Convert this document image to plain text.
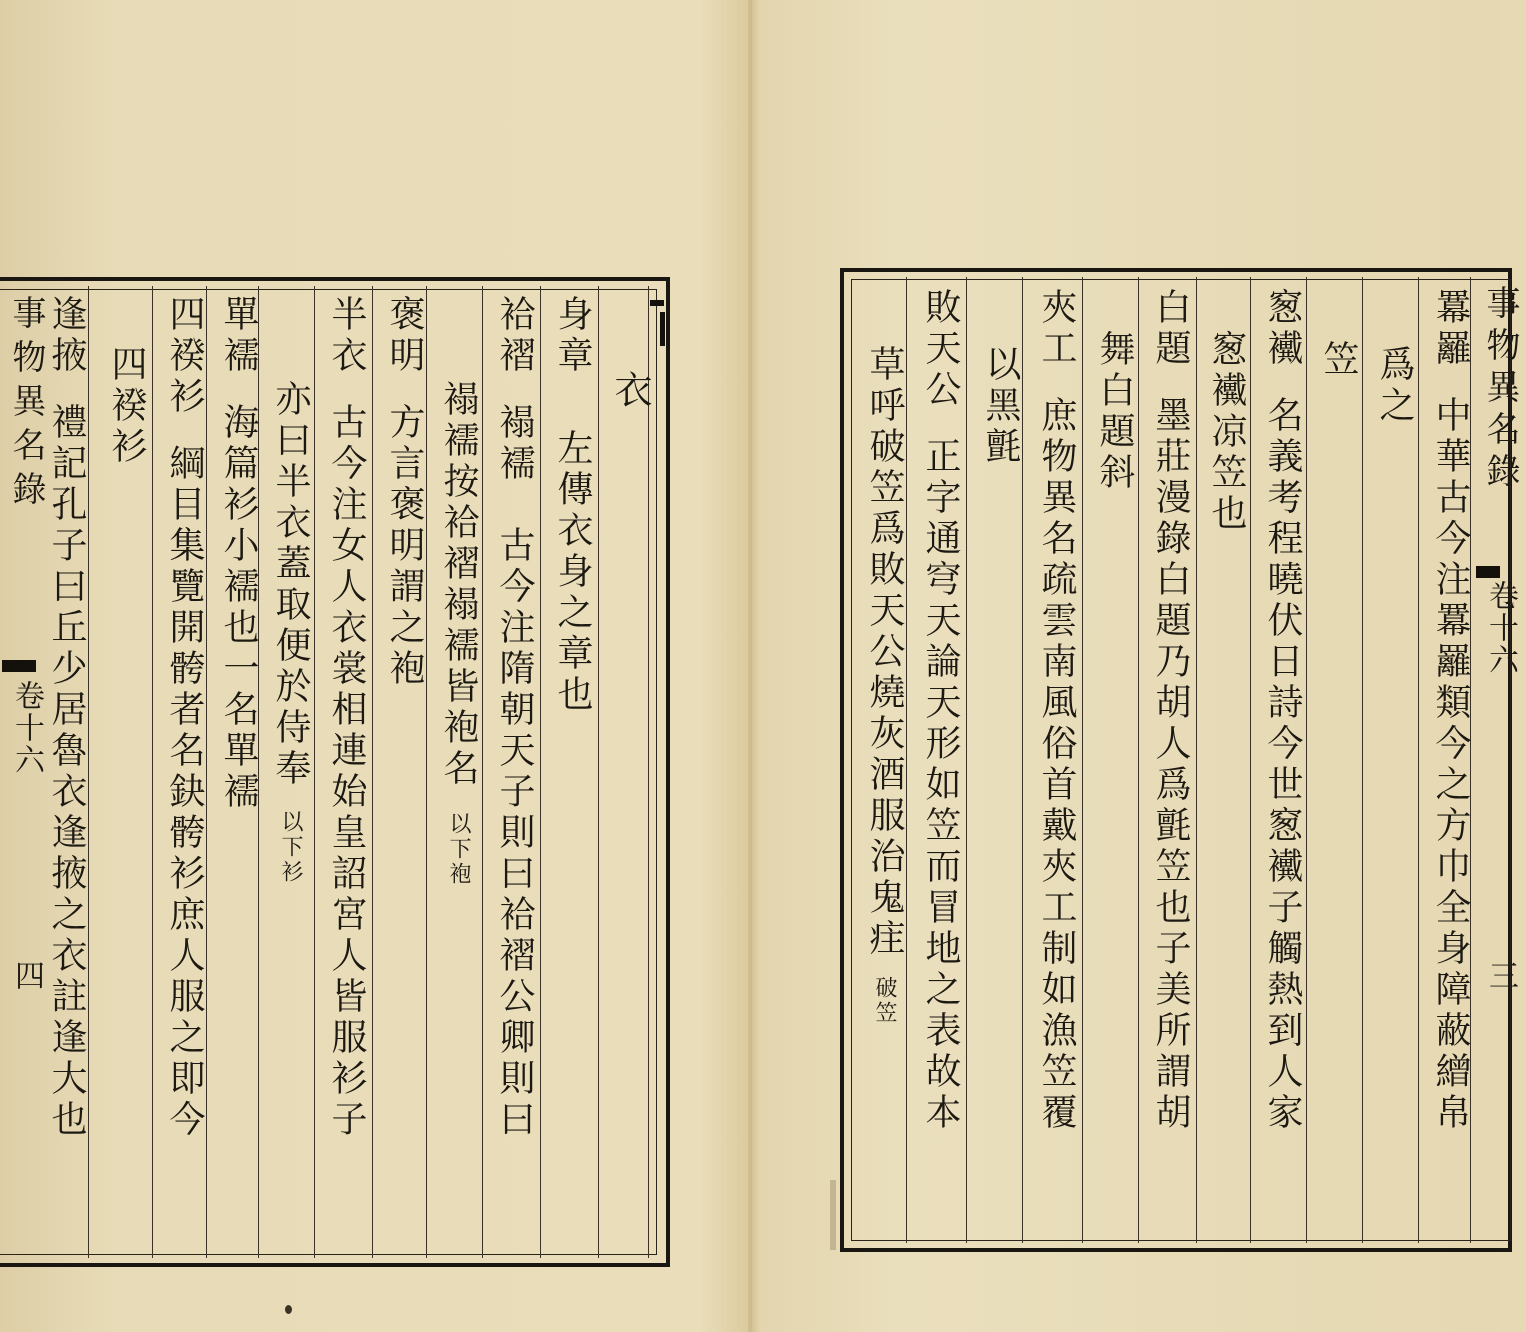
事物異名錄
卷十六
四
衣
身章左傳衣身之章也
袷褶褟襦　古今注隋朝天子則曰袷褶公卿則曰
褟襦按袷褶褟襦皆袍名以下袍
褒明方言褒明謂之袍
半衣古今注女人衣裳相連始皇詔宮人皆服衫子
亦曰半衣蓋取便於侍奉以下衫
單襦海篇衫小襦也一名單襦
四䙆衫綱目集覽開骻者名鈌骻衫庶人服之即今
四䙆衫
逢掖禮記孔子曰丘少居魯衣逢掖之衣註逢大也
事物異名錄
卷十六
三
羃䍦中華古今注羃䍦類今之方巾全身障蔽繒帛
爲之
笠
䆫襶名義考程曉伏日詩今世䆫襶子觸熱到人家
䆫襶凉笠也
白題墨莊漫錄白題乃胡人爲氈笠也子美所謂胡
舞白題斜
夾工庶物異名疏雲南風俗首戴夾工制如漁笠覆
以黑氈
敗天公正字通穹天論天形如笠而冒地之表故本
草呼破笠爲敗天公燒灰酒服治鬼疰破笠
